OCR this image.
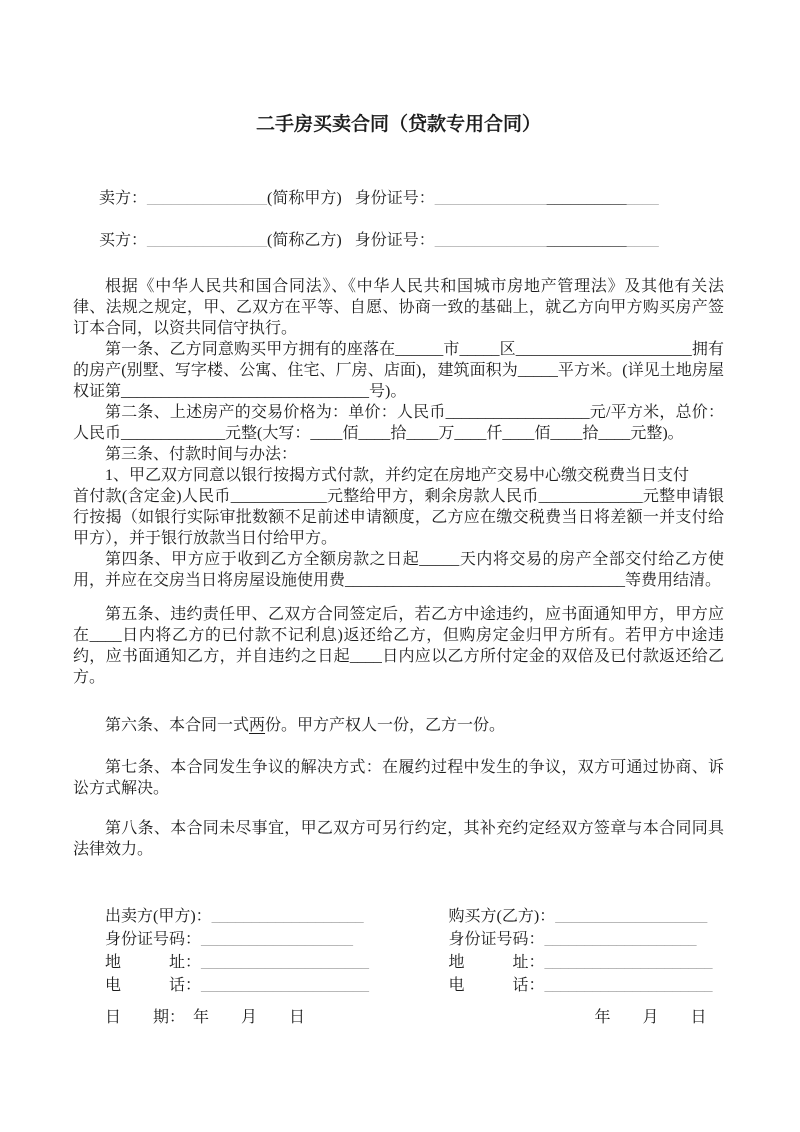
二手房买卖合同（贷款专用合同）
卖方：_______________(简称甲方) 身份证号：____________________________
买方：_______________(简称乙方) 身份证号：____________________________

根据《中华人民共和国合同法》、《中华人民共和国城市房地产管理法》及其他有关法律、法规之规定，甲、乙双方在平等、自愿、协商一致的基础上，就乙方向甲方购买房产签订本合同，以资共同信守执行。

第一条、乙方同意购买甲方拥有的座落在______市_____区______________________拥有的房产(别墅、写字楼、公寓、住宅、厂房、店面)，建筑面积为_____平方米。(详见土地房屋权证第_______________________________号)。

第二条、上述房产的交易价格为：单价：人民币__________________元/平方米，总价：人民币_____________元整(大写：____佰____拾____万____仟____佰____拾____元整)。

第三条、付款时间与办法：

1、甲乙双方同意以银行按揭方式付款，并约定在房地产交易中心缴交税费当日支付
首付款(含定金)人民币____________元整给甲方，剩余房款人民币_____________元整申请银行按揭（如银行实际审批数额不足前述申请额度，乙方应在缴交税费当日将差额一并支付给甲方），并于银行放款当日付给甲方。

第四条、甲方应于收到乙方全额房款之日起_____天内将交易的房产全部交付给乙方使用，并应在交房当日将房屋设施使用费___________________________________等费用结清。

第五条、违约责任甲、乙双方合同签定后，若乙方中途违约，应书面通知甲方，甲方应在____日内将乙方的已付款不记利息)返还给乙方，但购房定金归甲方所有。若甲方中途违约，应书面通知乙方，并自违约之日起____日内应以乙方所付定金的双倍及已付款返还给乙方。

第六条、本合同一式两份。甲方产权人一份，乙方一份。

第七条、本合同发生争议的解决方式：在履约过程中发生的争议，双方可通过协商、诉讼方式解决。

第八条、本合同未尽事宜，甲乙双方可另行约定，其补充约定经双方签章与本合同同具法律效力。

出卖方(甲方)：___________________
身份证号码：___________________
地　　　址：_____________________
电　　　话：_____________________
日　　期：　年　　月　　日
购买方(乙方)：___________________
身份证号码：___________________
地　　　址：_____________________
电　　　话：_____________________
年　　月　　日
